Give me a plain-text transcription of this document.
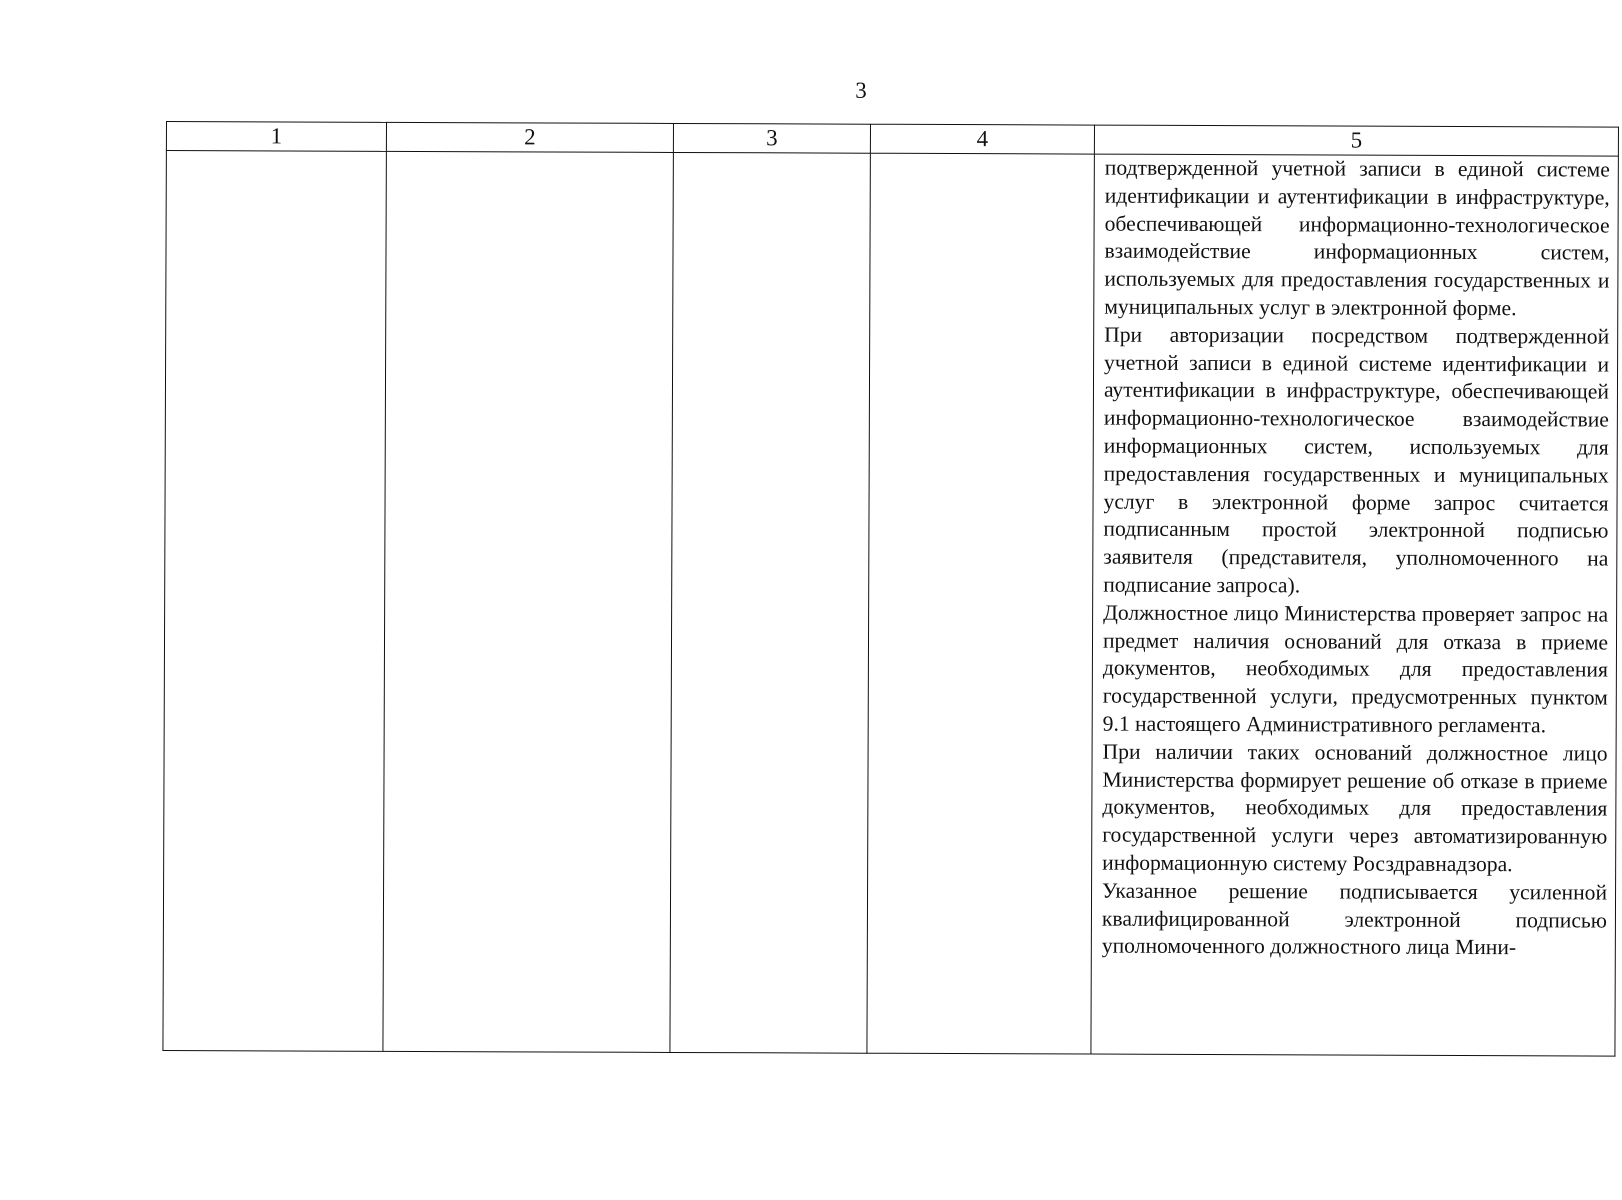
3
1	2	3	4	5

				подтвержденной учетной записи в единой системе идентификации и аутентификации в инфраструктуре, обеспечивающей информационно-технологическое взаимодействие информационных систем, используемых для предоставления государственных и муниципальных услуг в электронной форме.
При авторизации посредством подтвержденной учетной записи в единой системе идентификации и аутентификации в инфраструктуре, обеспечивающей информационно-технологическое взаимодействие информационных систем, используемых для предоставления государственных и муниципальных услуг в электронной форме запрос считается подписанным простой электронной подписью заявителя (представителя, уполномоченного на подписание запроса).
Должностное лицо Министерства проверяет запрос на предмет наличия оснований для отказа в приеме документов, необходимых для предоставления государственной услуги, предусмотренных пунктом 9.1 настоящего Административного регламента.
При наличии таких оснований должностное лицо Министерства формирует решение об отказе в приеме документов, необходимых для предоставления государственной услуги через автоматизированную информационную систему Росздравнадзора.
Указанное решение подписывается усиленной квалифицированной электронной подписью уполномоченного должностного лица Мини-
